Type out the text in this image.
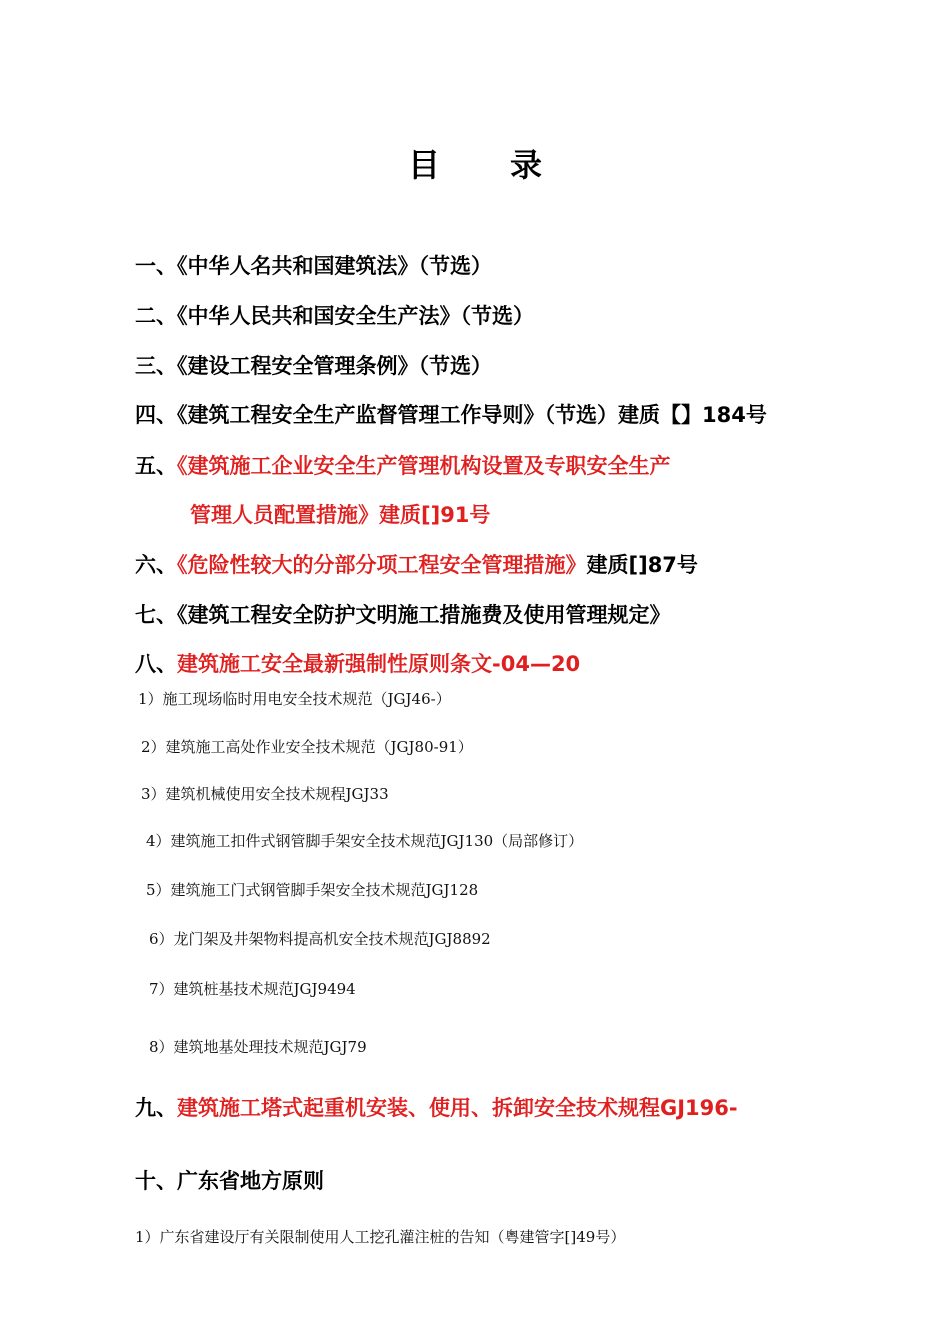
目录
一、《中华人名共和国建筑法》（节选）
二、《中华人民共和国安全生产法》（节选）
三、《建设工程安全管理条例》（节选）
四、《建筑工程安全生产监督管理工作导则》（节选）建质【】184号
五、《建筑施工企业安全生产管理机构设置及专职安全生产
管理人员配置措施》建质[]91号
六、《危险性较大的分部分项工程安全管理措施》建质[]87号
七、《建筑工程安全防护文明施工措施费及使用管理规定》
八、建筑施工安全最新强制性原则条文-04—20
1）施工现场临时用电安全技术规范（JGJ46-）
2）建筑施工高处作业安全技术规范（JGJ80-91）
3）建筑机械使用安全技术规程JGJ33
4）建筑施工扣件式钢管脚手架安全技术规范JGJ130（局部修订）
5）建筑施工门式钢管脚手架安全技术规范JGJ128
6）龙门架及井架物料提高机安全技术规范JGJ8892
7）建筑桩基技术规范JGJ9494
8）建筑地基处理技术规范JGJ79
九、建筑施工塔式起重机安装、使用、拆卸安全技术规程GJ196-
十、广东省地方原则
1）广东省建设厅有关限制使用人工挖孔灌注桩的告知（粤建管字[]49号）
